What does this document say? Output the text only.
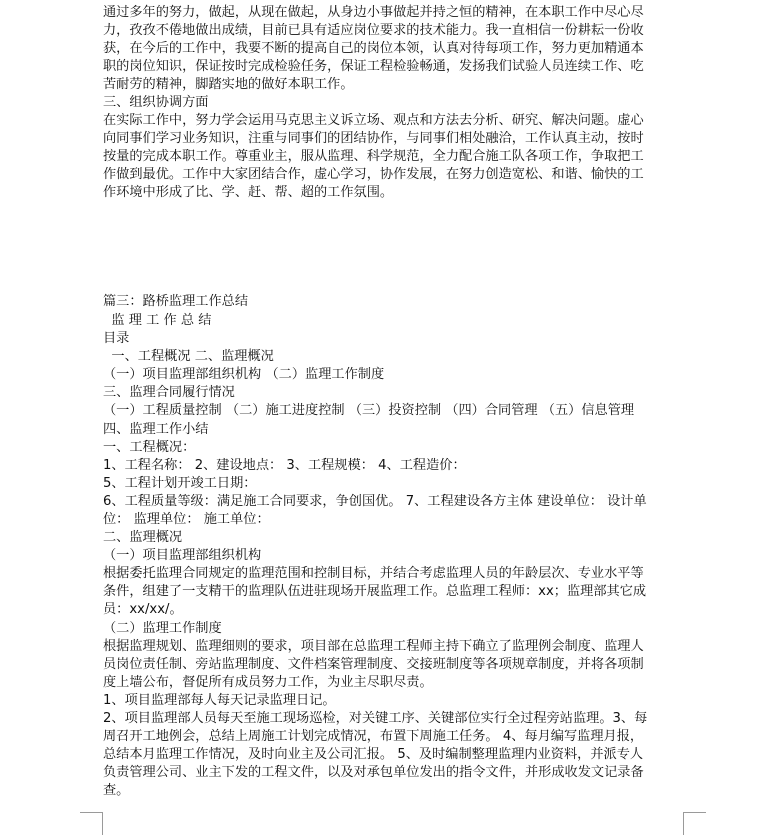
通过多年的努力，做起，从现在做起，从身边小事做起并持之恒的精神，在本职工作中尽心尽
力，孜孜不倦地做出成绩，目前已具有适应岗位要求的技术能力。我一直相信一份耕耘一份收
获，在今后的工作中，我要不断的提高自己的岗位本领，认真对待每项工作，努力更加精通本
职的岗位知识，保证按时完成检验任务，保证工程检验畅通，发扬我们试验人员连续工作、吃
苦耐劳的精神，脚踏实地的做好本职工作。
三、组织协调方面
在实际工作中，努力学会运用马克思主义诉立场、观点和方法去分析、研究、解决问题。虚心
向同事们学习业务知识，注重与同事们的团结协作，与同事们相处融洽，工作认真主动，按时
按量的完成本职工作。尊重业主，服从监理、科学规范，全力配合施工队各项工作，争取把工
作做到最优。工作中大家团结合作，虚心学习，协作发展，在努力创造宽松、和谐、愉快的工
作环境中形成了比、学、赶、帮、超的工作氛围。
篇三：路桥监理工作总结
监 理 工 作 总 结
目录
一、工程概况 二、监理概况
（一）项目监理部组织机构 （二）监理工作制度
三、监理合同履行情况
（一）工程质量控制 （二）施工进度控制 （三）投资控制 （四）合同管理 （五）信息管理
四、监理工作小结
一、工程概况：
1、工程名称： 2、建设地点： 3、工程规模： 4、工程造价：
5、工程计划开竣工日期：
6、工程质量等级：满足施工合同要求，争创国优。 7、工程建设各方主体 建设单位： 设计单
位： 监理单位： 施工单位：
二、监理概况
（一）项目监理部组织机构
根据委托监理合同规定的监理范围和控制目标，并结合考虑监理人员的年龄层次、专业水平等
条件，组建了一支精干的监理队伍进驻现场开展监理工作。总监理工程师：xx；监理部其它成
员：xx/xx/。
（二）监理工作制度
根据监理规划、监理细则的要求，项目部在总监理工程师主持下确立了监理例会制度、监理人
员岗位责任制、旁站监理制度、文件档案管理制度、交接班制度等各项规章制度，并将各项制
度上墙公布，督促所有成员努力工作，为业主尽职尽责。
1、项目监理部每人每天记录监理日记。
2、项目监理部人员每天至施工现场巡检，对关键工序、关键部位实行全过程旁站监理。3、每
周召开工地例会，总结上周施工计划完成情况，布置下周施工任务。 4、每月编写监理月报，
总结本月监理工作情况，及时向业主及公司汇报。 5、及时编制整理监理内业资料，并派专人
负责管理公司、业主下发的工程文件，以及对承包单位发出的指令文件，并形成收发文记录备
查。
